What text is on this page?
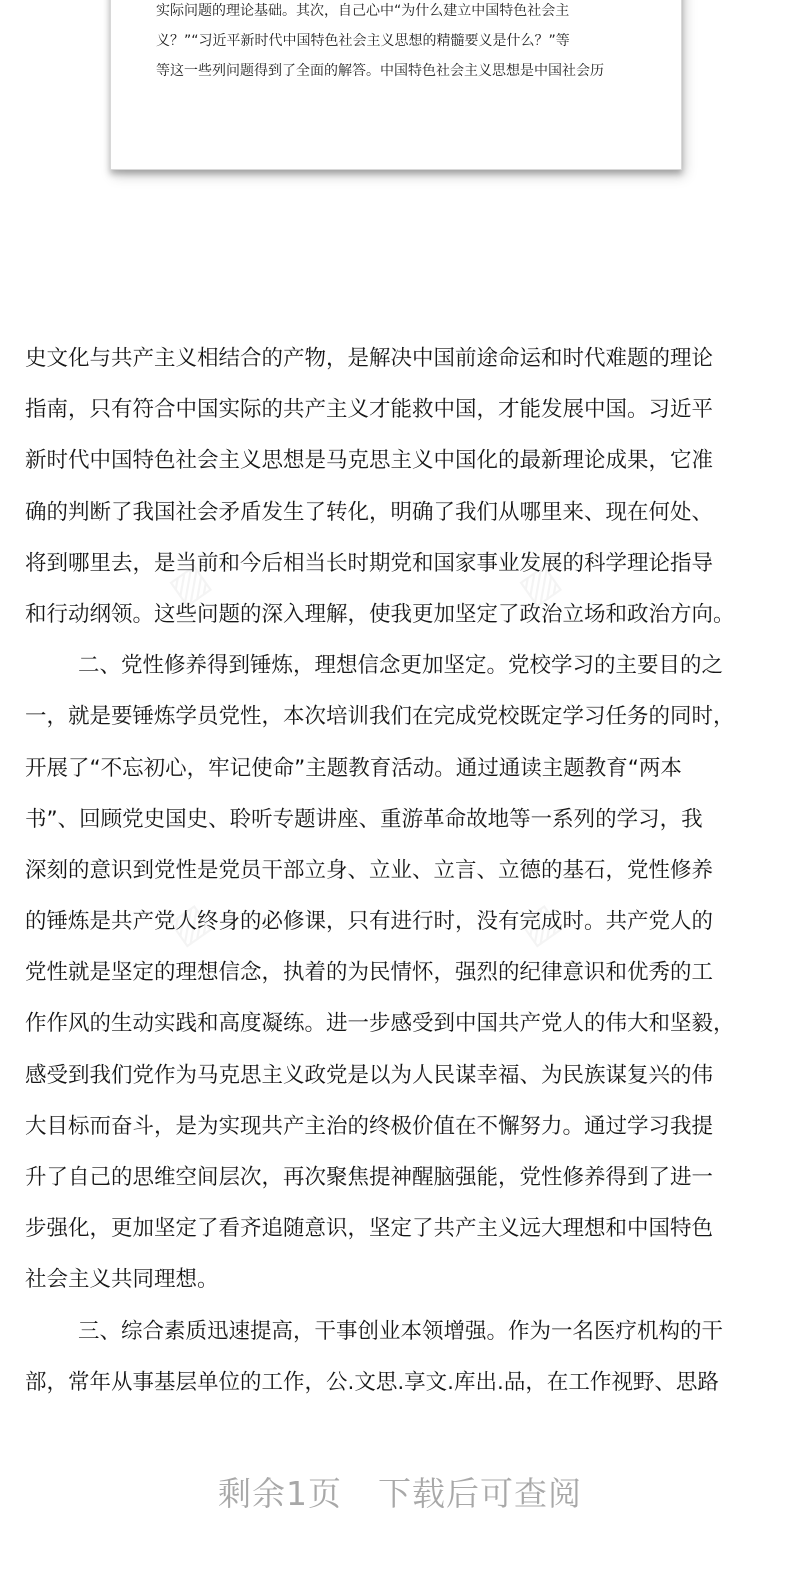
实际问题的理论基础。其次，自己心中“为什么建立中国特色社会主
义？”“习近平新时代中国特色社会主义思想的精髓要义是什么？”等
等这一些列问题得到了全面的解答。中国特色社会主义思想是中国社会历
史文化与共产主义相结合的产物，是解决中国前途命运和时代难题的理论
指南，只有符合中国实际的共产主义才能救中国，才能发展中国。习近平
新时代中国特色社会主义思想是马克思主义中国化的最新理论成果，它准
确的判断了我国社会矛盾发生了转化，明确了我们从哪里来、现在何处、
将到哪里去，是当前和今后相当长时期党和国家事业发展的科学理论指导
和行动纲领。这些问题的深入理解，使我更加坚定了政治立场和政治方向。
二、党性修养得到锤炼，理想信念更加坚定。党校学习的主要目的之
一，就是要锤炼学员党性，本次培训我们在完成党校既定学习任务的同时，
开展了“不忘初心，牢记使命”主题教育活动。通过通读主题教育“两本
书”、回顾党史国史、聆听专题讲座、重游革命故地等一系列的学习，我
深刻的意识到党性是党员干部立身、立业、立言、立德的基石，党性修养
的锤炼是共产党人终身的必修课，只有进行时，没有完成时。共产党人的
党性就是坚定的理想信念，执着的为民情怀，强烈的纪律意识和优秀的工
作作风的生动实践和高度凝练。进一步感受到中国共产党人的伟大和坚毅，
感受到我们党作为马克思主义政党是以为人民谋幸福、为民族谋复兴的伟
大目标而奋斗，是为实现共产主治的终极价值在不懈努力。通过学习我提
升了自己的思维空间层次，再次聚焦提神醒脑强能，党性修养得到了进一
步强化，更加坚定了看齐追随意识，坚定了共产主义远大理想和中国特色
社会主义共同理想。
三、综合素质迅速提高，干事创业本领增强。作为一名医疗机构的干
部，常年从事基层单位的工作，公.文思.享文.库出.品，在工作视野、思路
剩余1页 下载后可查阅
